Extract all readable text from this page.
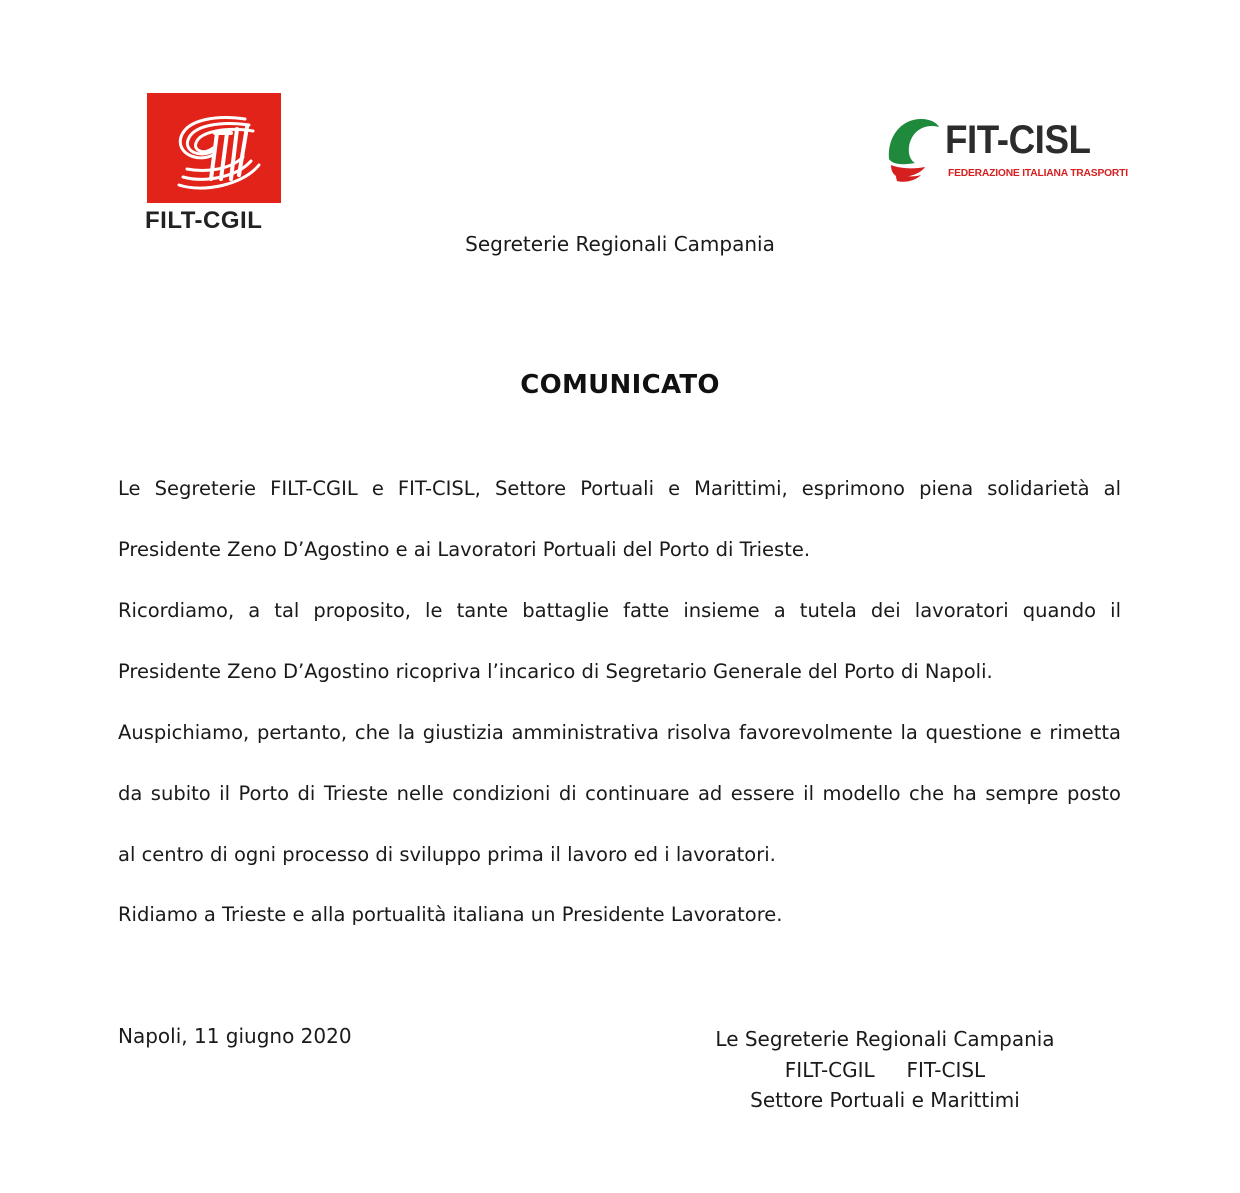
FILT-CGIL
FIT-CISL
FEDERAZIONE ITALIANA TRASPORTI
Segreterie Regionali Campania
COMUNICATO
Le Segreterie FILT-CGIL e FIT-CISL, Settore Portuali e Marittimi, esprimono piena solidarietà al
Presidente Zeno D’Agostino e ai Lavoratori Portuali del Porto di Trieste.
Ricordiamo, a tal proposito, le tante battaglie fatte insieme a tutela dei lavoratori quando il
Presidente Zeno D’Agostino ricopriva l’incarico di Segretario Generale del Porto di Napoli.
Auspichiamo, pertanto, che la giustizia amministrativa risolva favorevolmente la questione e rimetta
da subito il Porto di Trieste nelle condizioni di continuare ad essere il modello che ha sempre posto
al centro di ogni processo di sviluppo prima il lavoro ed i lavoratori.
Ridiamo a Trieste e alla portualità italiana un Presidente Lavoratore.
Napoli, 11 giugno 2020	Le Segreterie Regionali Campania
FILT-CGIL     FIT-CISL
Settore Portuali e Marittimi
